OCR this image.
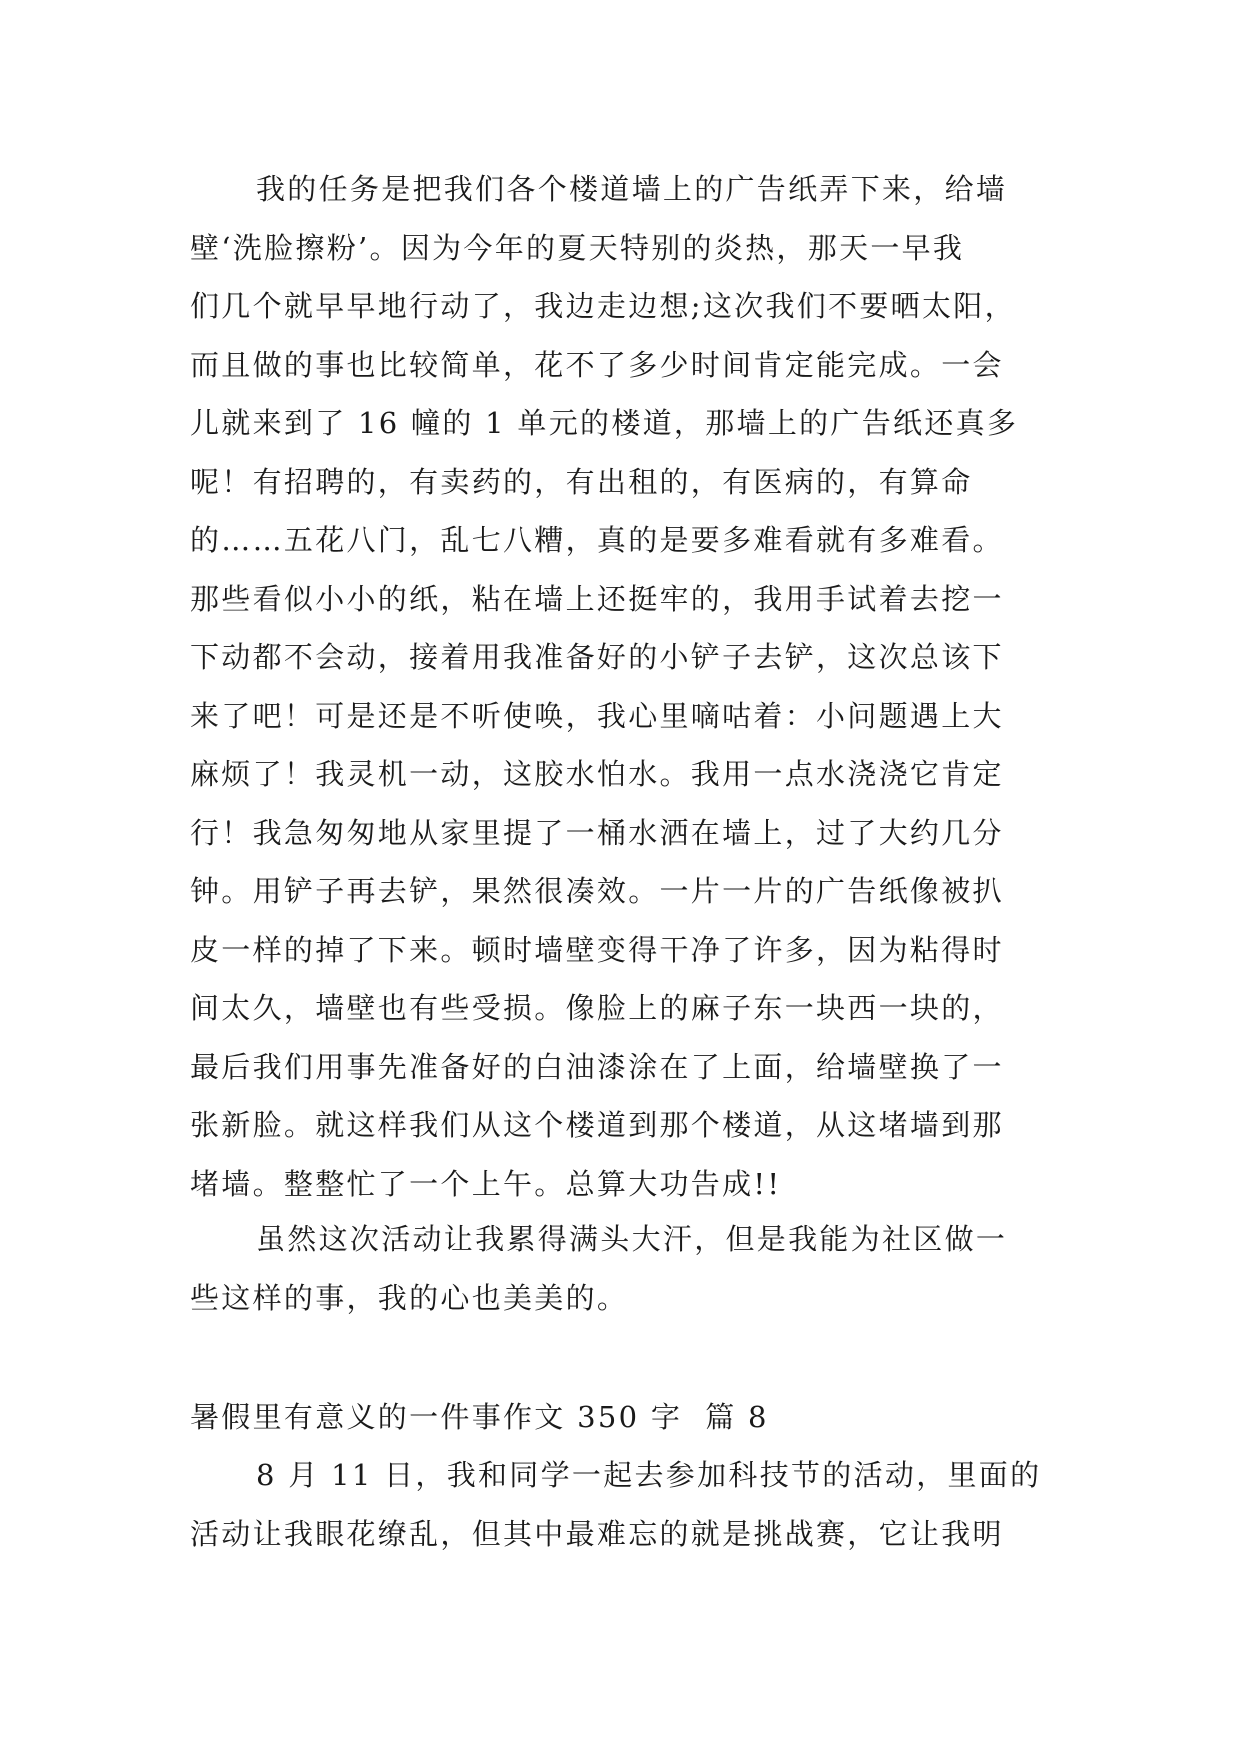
我的任务是把我们各个楼道墙上的广告纸弄下来，给墙
壁‘洗脸擦粉’。因为今年的夏天特别的炎热，那天一早我
们几个就早早地行动了，我边走边想;这次我们不要晒太阳，
而且做的事也比较简单，花不了多少时间肯定能完成。一会
儿就来到了 16 幢的 1 单元的楼道，那墙上的广告纸还真多
呢！有招聘的，有卖药的，有出租的，有医病的，有算命
的……五花八门，乱七八糟，真的是要多难看就有多难看。
那些看似小小的纸，粘在墙上还挺牢的，我用手试着去挖一
下动都不会动，接着用我准备好的小铲子去铲，这次总该下
来了吧！可是还是不听使唤，我心里嘀咕着：小问题遇上大
麻烦了！我灵机一动，这胶水怕水。我用一点水浇浇它肯定
行！我急匆匆地从家里提了一桶水洒在墙上，过了大约几分
钟。用铲子再去铲，果然很凑效。一片一片的广告纸像被扒
皮一样的掉了下来。顿时墙壁变得干净了许多，因为粘得时
间太久，墙壁也有些受损。像脸上的麻子东一块西一块的，
最后我们用事先准备好的白油漆涂在了上面，给墙壁换了一
张新脸。就这样我们从这个楼道到那个楼道，从这堵墙到那
堵墙。整整忙了一个上午。总算大功告成!!
虽然这次活动让我累得满头大汗，但是我能为社区做一
些这样的事，我的心也美美的。
暑假里有意义的一件事作文 350 字  篇 8
8 月 11 日，我和同学一起去参加科技节的活动，里面的
活动让我眼花缭乱，但其中最难忘的就是挑战赛，它让我明
